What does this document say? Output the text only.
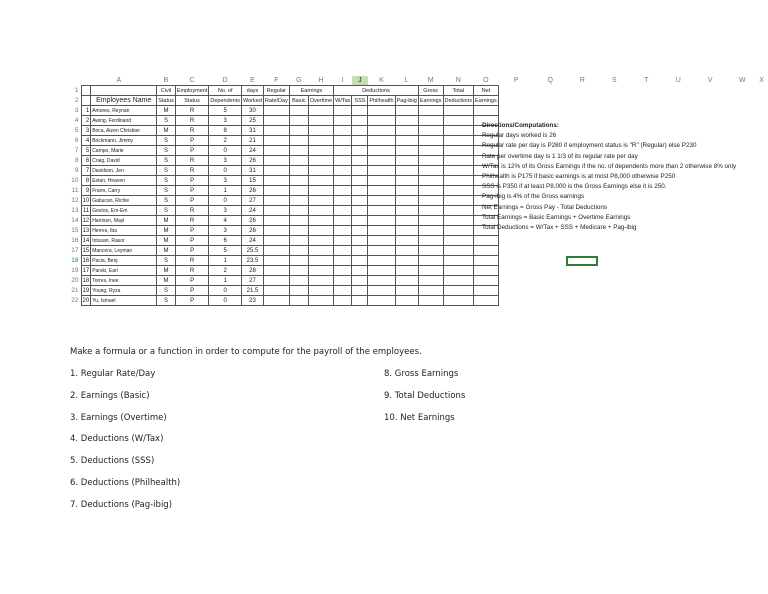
	A		B	C	D	E	F	G	H	I	J	K	L	M	N	O	P	Q	R	S	T	U	V	W	X
1			Civil	Employment	No. of	days	Regular	Earnings		Deductions				Gross	Total	Net									
2		Employees Name	Status	Status	Dependents	Worked	Rate/Day	Basic	Overtime	W/Tax	SSS	Philhealth	Pag-ibig	Earnings	Deductions	Earnings									
3	1	Amores, Reynan	M	R	5	30																			
4	2	Awing, Ferdinand	S	R	3	25																			
5	3	Boca, Aizen Christian	M	R	8	31																			
6	4	Brickmann, Jimmy	S	P	2	21																			
7	5	Campo, Marie	S	P	0	24																			
8	6	Craig, David	S	R	3	26																			
9	7	Davidson, Jen	S	R	0	31																			
10	8	Estan, Heaven	S	P	3	15																			
11	9	Frann, Carry	S	P	1	26																			
12	10	Gabucan, Richie	S	P	0	27																			
13	11	Gestos, Em-Em	S	R	3	24																			
14	12	Harrison, Mayl	M	R	4	26																			
15	13	Herres, Iba	M	P	3	26																			
16	14	Intusan, Rasor	M	P	6	24																			
17	15	Mancera, Leyman	M	P	5	25.5																			
18	16	Pacia, Benj	S	R	1	23.5																			
19	17	Parski, Earl	M	R	2	28																			
20	18	Torres, Inee	M	P	1	27																			
21	19	Young, Ryza	S	P	0	21.5																			
22	20	Yu, Ismael	S	P	0	23																			
Directions/Computations:
Regular days worked is 26
Regular rate per day is P280 if employment status is "R" (Regular) else P230
Rate per overtime day is 1 1/3 of its regular rate per day
W/Tax is 12% of its Gross Earnings if the no. of dependents more than 2 otherwise 8% only
Philhealth is P175 if basic earnings is at most P8,000 otherwise P250
SSS is P350 if at least P8,000 is the Gross Earnings else it is 250.
Pag-ibig is 4% of the Gross earnings
Net Earnings = Gross Pay - Total Deductions
Total Earnings = Basic Earnings + Overtime Earnings
Total Deductions = W/Tax + SSS + Medicare + Pag-ibig
Make a formula or a function in order to compute for the payroll of the employees.
1. Regular Rate/Day
2. Earnings (Basic)
3. Earnings (Overtime)
4. Deductions (W/Tax)
5. Deductions (SSS)
6. Deductions (Philhealth)
7. Deductions (Pag-ibig)
8. Gross Earnings
9. Total Deductions
10. Net Earnings
